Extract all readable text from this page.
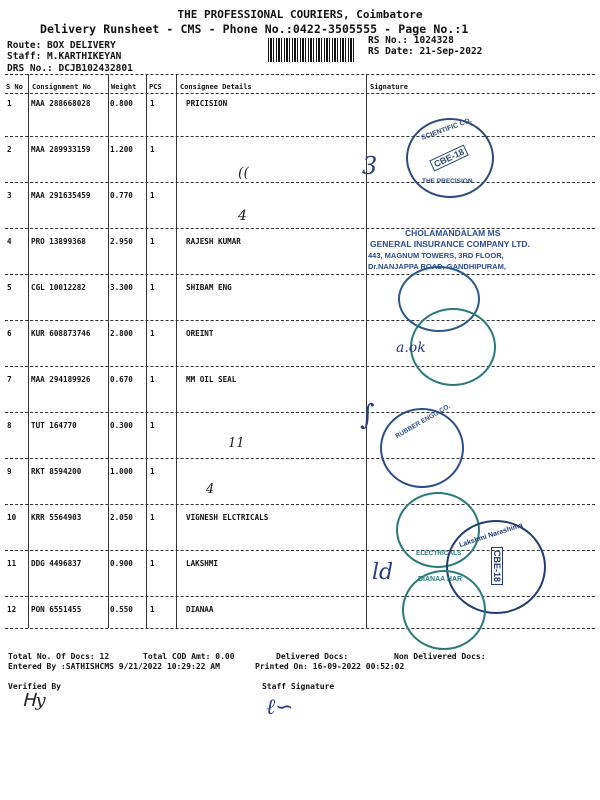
THE PROFESSIONAL COURIERS, Coimbatore
Delivery Runsheet - CMS - Phone No.:0422-3505555 - Page No.:1
Route: BOX DELIVERY
Staff: M.KARTHIKEYAN
DRS No.: DCJB102432801
RS No.: 1024328
RS Date: 21-Sep-2022
S No Consignment No	Weight PCS	Consignee Details	Signature
1	MAA 288668028	0.800 1	PRICISION
2	MAA 289933159	1.200 1
3	MAA 291635459	0.770 1
4	PRO 13899368	2.950 1	RAJESH KUMAR
5	CGL 10012282	3.300 1	SHIBAM ENG
6	KUR 608873746	2.800 1	OREINT
7	MAA 294189926	0.670 1	MM OIL SEAL
8	TUT 164770	0.300 1
9	RKT 8594200	1.000 1
10 KRR 5564903	2.050 1	VIGNESH ELCTRICALS
11 DDG 4496837	0.900 1	LAKSHMI
12 PON 6551455	0.550 1	DIANAA
((
4
11
4
SCIENTIFIC CO.
CBE-18
THE PRECISION
3
CHOLAMANDALAM MS
GENERAL INSURANCE COMPANY LTD.
443, MAGNUM TOWERS, 3RD FLOOR,
Dr.NANJAPPA ROAD, GANDHIPURAM,
a.ok
RUBBER ENGG CO.
∫
ELECTRICALS
Lakshmi Narashima
CBE-18
ld	DIANAA HAR
Total No. Of Docs: 12	Total COD Amt: 0.00	Delivered Docs:	Non Delivered Docs:
Entered By :SATHISHCMS 9/21/2022 10:29:22 AM	Printed On: 16-09-2022 00:52:02
Verified By
ᕼy
Staff Signature
ℓ∽
